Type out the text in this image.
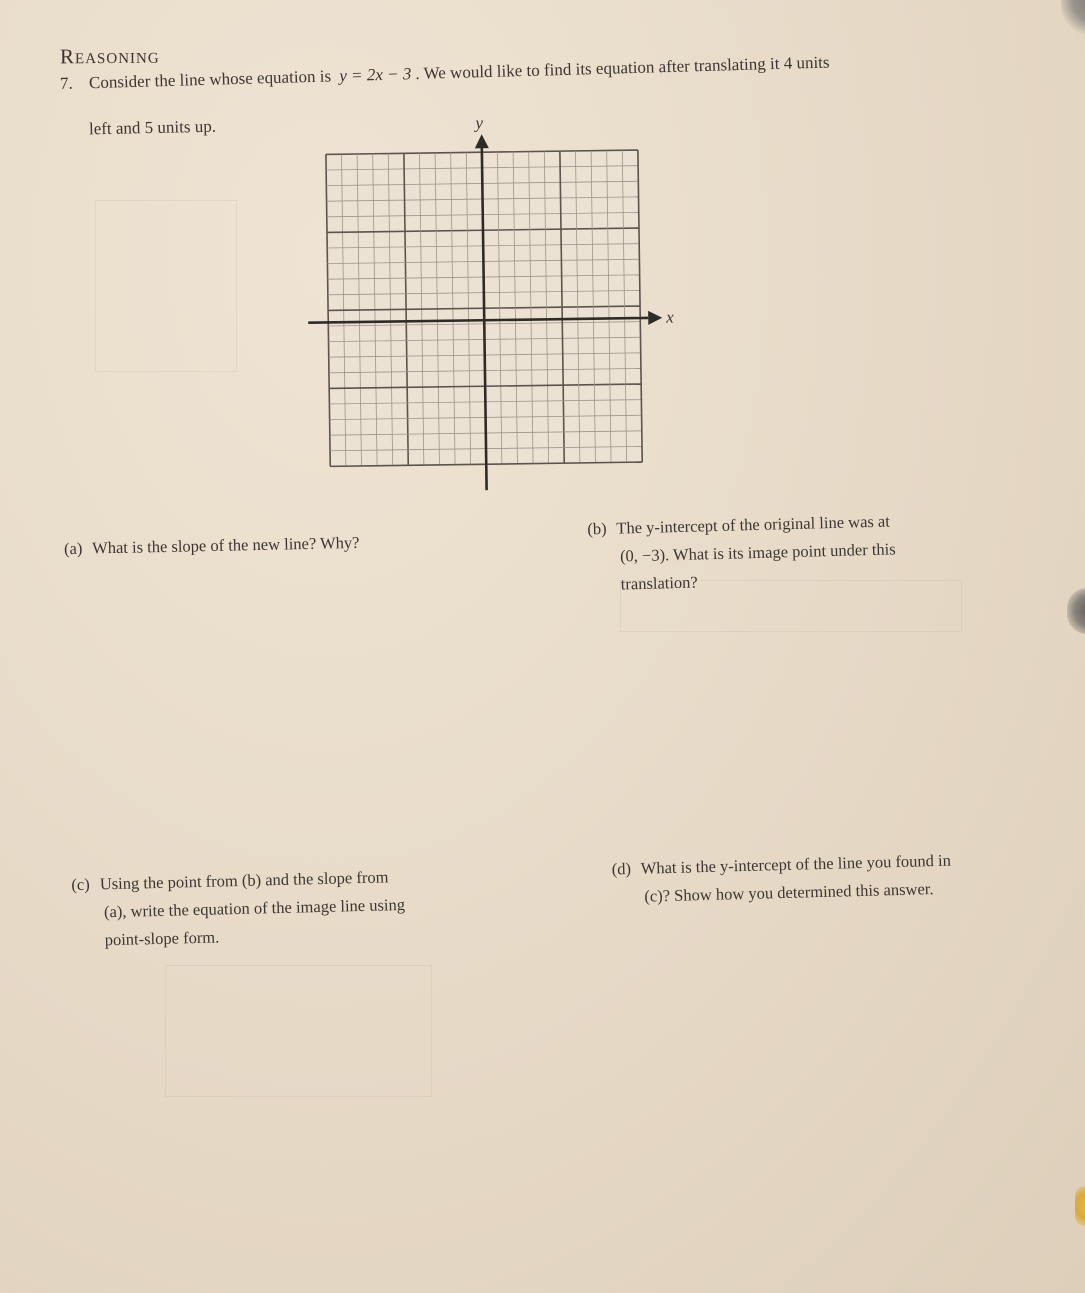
Reasoning
7. Consider the line whose equation is y = 2x − 3 . We would like to find its equation after translating it 4 units
left and 5 units up.
x
y
(a) What is the slope of the new line? Why?
(b) The y-intercept of the original line was at
(0, −3). What is its image point under this
translation?
(c) Using the point from (b) and the slope from
(a), write the equation of the image line using
point-slope form.
(d) What is the y-intercept of the line you found in
(c)? Show how you determined this answer.
